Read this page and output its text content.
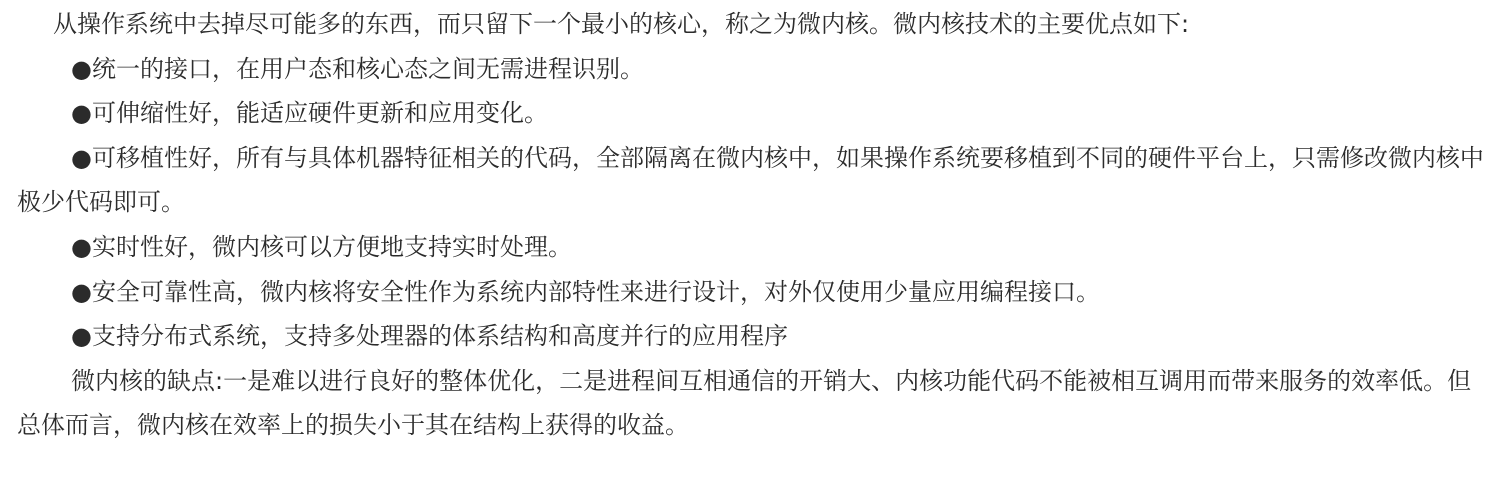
从操作系统中去掉尽可能多的东西，而只留下一个最小的核心，称之为微内核。微内核技术的主要优点如下:

●统一的接口，在用户态和核心态之间无需进程识别。

●可伸缩性好，能适应硬件更新和应用变化。

●可移植性好，所有与具体机器特征相关的代码，全部隔离在微内核中，如果操作系统要移植到不同的硬件平台上，只需修改微内核中极少代码即可。

●实时性好，微内核可以方便地支持实时处理。

●安全可靠性高，微内核将安全性作为系统内部特性来进行设计，对外仅使用少量应用编程接口。

●支持分布式系统，支持多处理器的体系结构和高度并行的应用程序

微内核的缺点:一是难以进行良好的整体优化，二是进程间互相通信的开销大、内核功能代码不能被相互调用而带来服务的效率低。但总体而言，微内核在效率上的损失小于其在结构上获得的收益。
